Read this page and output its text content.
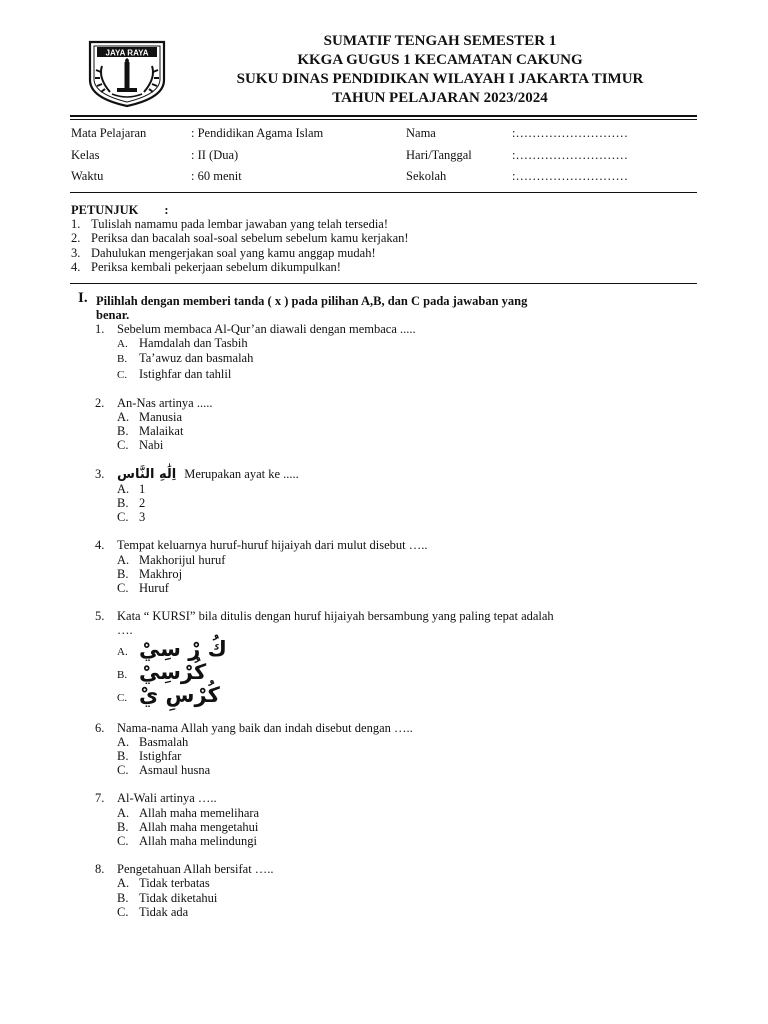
JAYA RAYA
SUMATIF TENGAH SEMESTER 1
KKGA GUGUS 1 KECAMATAN CAKUNG
SUKU DINAS PENDIDIKAN WILAYAH I JAKARTA TIMUR
TAHUN PELAJARAN 2023/2024
Mata Pelajaran	: Pendidikan Agama Islam	Nama	:………………………
Kelas	: II (Dua)	Hari/Tanggal	:………………………
Waktu	: 60 menit	Sekolah	:………………………
PETUNJUK :
1. Tulislah namamu pada lembar jawaban yang telah tersedia!
2. Periksa dan bacalah soal-soal sebelum sebelum kamu kerjakan!
3. Dahulukan mengerjakan soal yang kamu anggap mudah!
4. Periksa kembali pekerjaan sebelum dikumpulkan!
I. Pilihlah dengan memberi tanda ( x ) pada pilihan A,B, dan C pada jawaban yang
benar.
1. Sebelum membaca Al-Qur’an diawali dengan membaca .....
A. Hamdalah dan Tasbih
B. Ta’awuz dan basmalah
C. Istighfar dan tahlil
2. An-Nas artinya .....
A. Manusia
B. Malaikat
C. Nabi
3. اِلَٰهِ النَّاس Merupakan ayat ke .....
A. 1
B. 2
C. 3
4. Tempat keluarnya huruf-huruf hijaiyah dari mulut disebut …..
A. Makhorijul huruf
B. Makhroj
C. Huruf
5. Kata “ KURSI” bila ditulis dengan huruf hijaiyah bersambung yang paling tepat adalah
….
A. كُ رْ سِيْ
B. كُرْسِيْ
C. كُرْسِ يْ
6. Nama-nama Allah yang baik dan indah disebut dengan …..
A. Basmalah
B. Istighfar
C. Asmaul husna
7. Al-Wali artinya …..
A. Allah maha memelihara
B. Allah maha mengetahui
C. Allah maha melindungi
8. Pengetahuan Allah bersifat …..
A. Tidak terbatas
B. Tidak diketahui
C. Tidak ada
